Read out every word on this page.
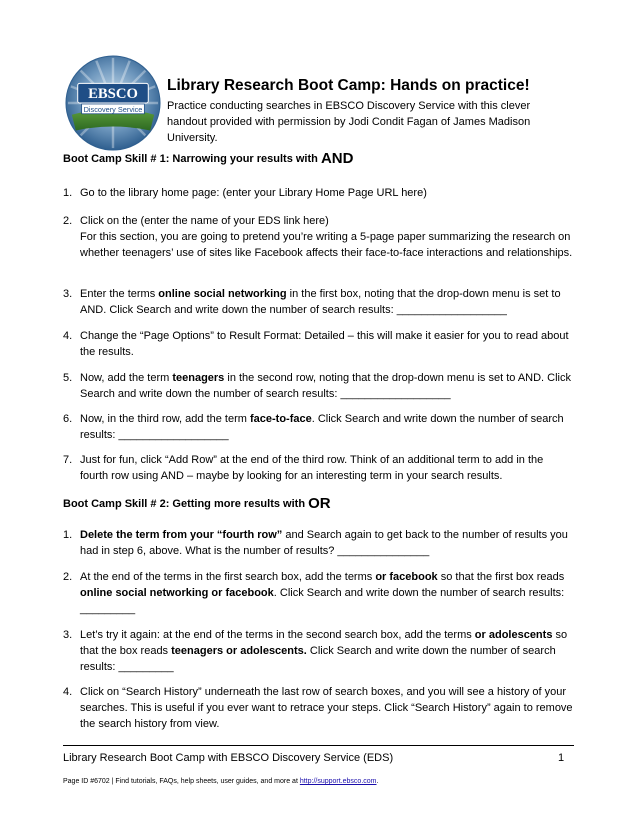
EBSCO
Discovery Service
Library Research Boot Camp: Hands on practice!

Practice conducting searches in EBSCO Discovery Service with this clever handout provided with permission by Jodi Condit Fagan of James Madison University.

Boot Camp Skill # 1: Narrowing your results with AND

1. Go to the library home page: (enter your Library Home Page URL here)
2. Click on the (enter the name of your EDS link here)
For this section, you are going to pretend you’re writing a 5-page paper summarizing the research on whether teenagers’ use of sites like Facebook affects their face-to-face interactions and relationships.
3. Enter the terms online social networking in the first box, noting that the drop-down menu is set to AND. Click Search and write down the number of search results: __________________
4. Change the “Page Options” to Result Format: Detailed – this will make it easier for you to read about the results.
5. Now, add the term teenagers in the second row, noting that the drop-down menu is set to AND. Click Search and write down the number of search results: __________________
6. Now, in the third row, add the term face-to-face. Click Search and write down the number of search results: __________________
7. Just for fun, click “Add Row” at the end of the third row. Think of an additional term to add in the fourth row using AND – maybe by looking for an interesting term in your search results.

Boot Camp Skill # 2: Getting more results with OR

1. Delete the term from your “fourth row” and Search again to get back to the number of results you had in step 6, above. What is the number of results? _______________
2. At the end of the terms in the first search box, add the terms or facebook so that the first box reads online social networking or facebook. Click Search and write down the number of search results: _________
3. Let’s try it again: at the end of the terms in the second search box, add the terms or adolescents so that the box reads teenagers or adolescents. Click Search and write down the number of search results: _________
4. Click on “Search History” underneath the last row of search boxes, and you will see a history of your searches. This is useful if you ever want to retrace your steps. Click “Search History” again to remove the search history from view.
Library Research Boot Camp with EBSCO Discovery Service (EDS)	1
Page ID #6702 | Find tutorials, FAQs, help sheets, user guides, and more at http://support.ebsco.com.
